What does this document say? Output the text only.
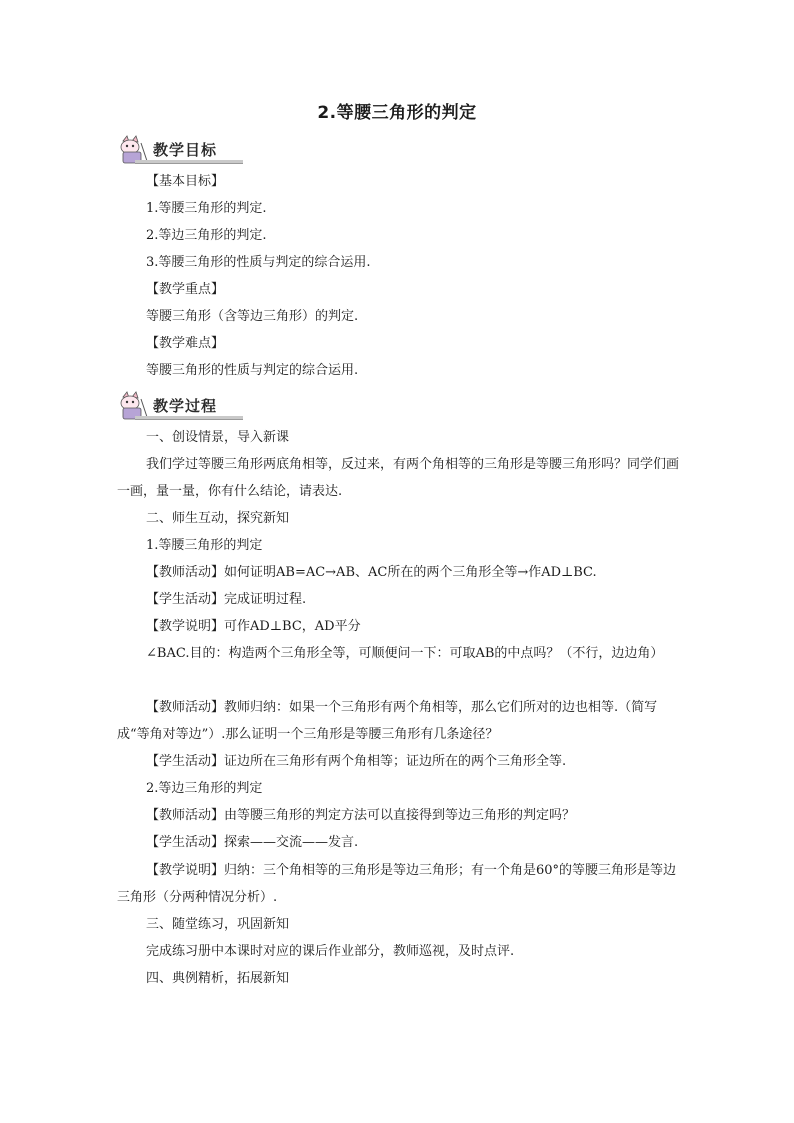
2.等腰三角形的判定
教学目标
【基本目标】
1.等腰三角形的判定.
2.等边三角形的判定.
3.等腰三角形的性质与判定的综合运用.
【教学重点】
等腰三角形（含等边三角形）的判定.
【教学难点】
等腰三角形的性质与判定的综合运用.
教学过程
一、创设情景，导入新课
我们学过等腰三角形两底角相等，反过来，有两个角相等的三角形是等腰三角形吗？同学们画一画，量一量，你有什么结论，请表达.
二、师生互动，探究新知
1.等腰三角形的判定
【教师活动】如何证明AB=AC→AB、AC所在的两个三角形全等→作AD⊥BC.
【学生活动】完成证明过程.
【教学说明】可作AD⊥BC，AD平分
∠BAC.目的：构造两个三角形全等，可顺便问一下：可取AB的中点吗？（不行，边边角）
【教师活动】教师归纳：如果一个三角形有两个角相等，那么它们所对的边也相等.（简写成“等角对等边”）.那么证明一个三角形是等腰三角形有几条途径？
【学生活动】证边所在三角形有两个角相等；证边所在的两个三角形全等.
2.等边三角形的判定
【教师活动】由等腰三角形的判定方法可以直接得到等边三角形的判定吗？
【学生活动】探索——交流——发言.
【教学说明】归纳：三个角相等的三角形是等边三角形；有一个角是60°的等腰三角形是等边三角形（分两种情况分析）.
三、随堂练习，巩固新知
完成练习册中本课时对应的课后作业部分，教师巡视，及时点评.
四、典例精析，拓展新知
